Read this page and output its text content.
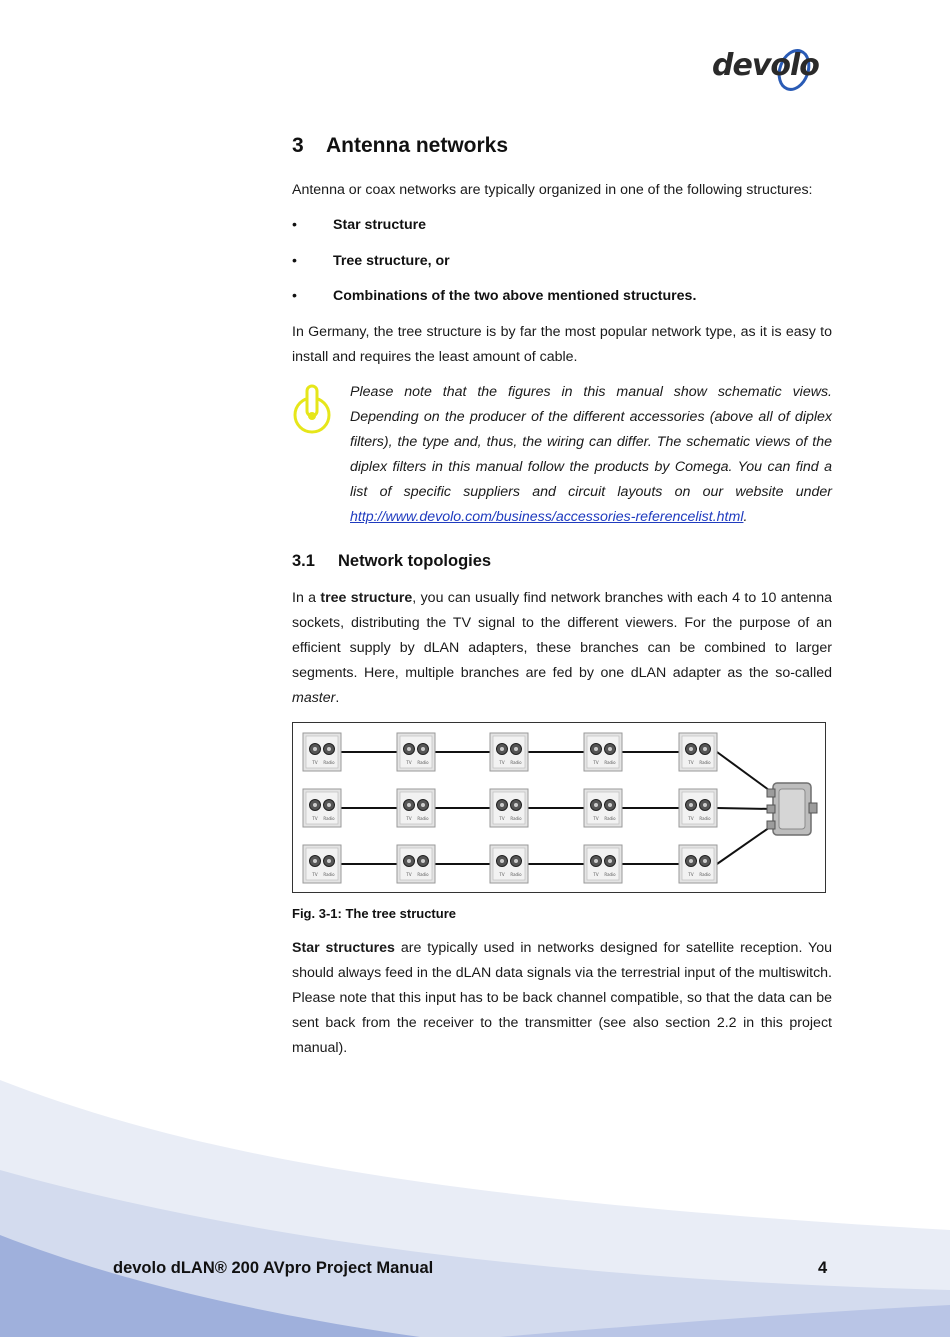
devolo
3 Antenna networks
Antenna or coax networks are typically organized in one of the following structures:
•	Star structure
•	Tree structure, or
•	Combinations of the two above mentioned structures.
In Germany, the tree structure is by far the most popular network type, as it is easy to install and requires the least amount of cable.
Please note that the figures in this manual show schematic views. Depending on the producer of the different accessories (above all of diplex filters), the type and, thus, the wiring can differ. The schematic views of the diplex filters in this manual follow the products by Comega. You can find a list of specific suppliers and circuit layouts on our website under http://www.devolo.com/business/accessories-referencelist.html.
3.1 Network topologies
In a tree structure, you can usually find network branches with each 4 to 10 antenna sockets, distributing the TV signal to the different viewers. For the purpose of an efficient supply by dLAN adapters, these branches can be combined to larger segments. Here, multiple branches are fed by one dLAN adapter as the so-called master.
TV Radio	TV Radio	TV Radio	TV Radio	TV Radio
TV Radio	TV Radio	TV Radio	TV Radio	TV Radio
TV Radio	TV Radio	TV Radio	TV Radio	TV Radio
Fig. 3-1: The tree structure
Star structures are typically used in networks designed for satellite reception. You should always feed in the dLAN data signals via the terrestrial input of the multiswitch. Please note that this input has to be back channel compatible, so that the data can be sent back from the receiver to the transmitter (see also section 2.2 in this project manual).
devolo dLAN® 200 AVpro Project Manual	4
